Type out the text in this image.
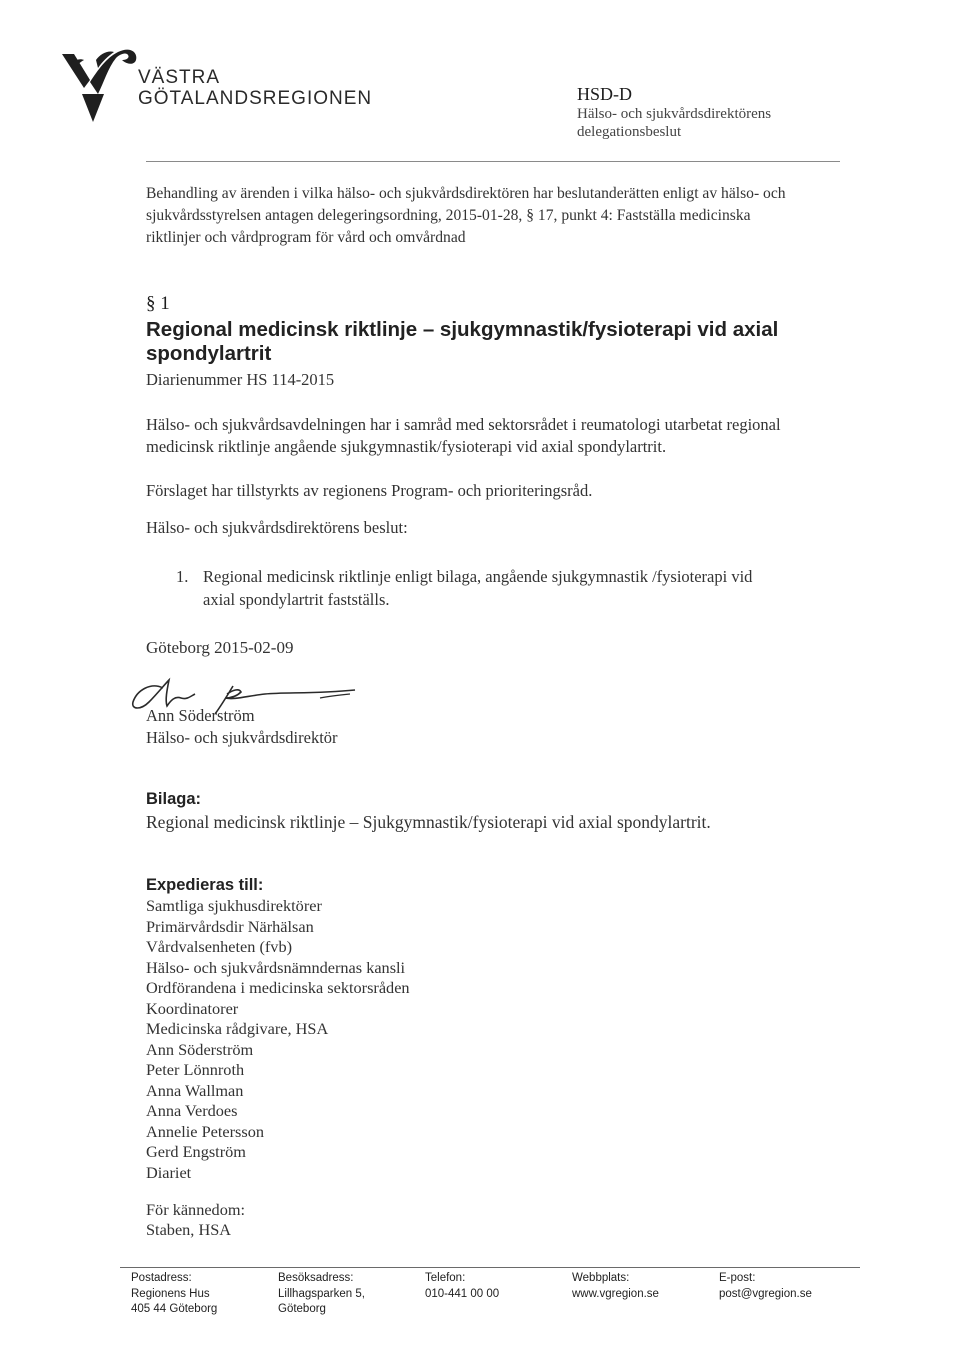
VÄSTRA
GÖTALANDSREGIONEN	HSD-D
Hälso- och sjukvårdsdirektörens
delegationsbeslut
Behandling av ärenden i vilka hälso- och sjukvårdsdirektören har beslutanderätten enligt av hälso- och sjukvårdsstyrelsen antagen delegeringsordning, 2015-01-28, § 17, punkt 4: Fastställa medicinska riktlinjer och vårdprogram för vård och omvårdnad
§ 1
Regional medicinsk riktlinje – sjukgymnastik/fysioterapi vid axial spondylartrit
Diarienummer HS 114-2015
Hälso- och sjukvårdsavdelningen har i samråd med sektorsrådet i reumatologi utarbetat regional medicinsk riktlinje angående sjukgymnastik/fysioterapi vid axial spondylartrit.
Förslaget har tillstyrkts av regionens Program- och prioriteringsråd.
Hälso- och sjukvårdsdirektörens beslut:
1. Regional medicinsk riktlinje enligt bilaga, angående sjukgymnastik /fysioterapi vid axial spondylartrit fastställs.
Göteborg 2015-02-09
Ann Söderström
Hälso- och sjukvårdsdirektör
Bilaga:
Regional medicinsk riktlinje – Sjukgymnastik/fysioterapi vid axial spondylartrit.
Expedieras till:
Samtliga sjukhusdirektörer
Primärvårdsdir Närhälsan
Vårdvalsenheten (fvb)
Hälso- och sjukvårdsnämndernas kansli
Ordförandena i medicinska sektorsråden
Koordinatorer
Medicinska rådgivare, HSA
Ann Söderström
Peter Lönnroth
Anna Wallman
Anna Verdoes
Annelie Petersson
Gerd Engström
Diariet
För kännedom:
Staben, HSA
Postadress:
Regionens Hus
405 44 Göteborg
Besöksadress:
Lillhagsparken 5,
Göteborg
Telefon:
010-441 00 00
Webbplats:
www.vgregion.se
E-post:
post@vgregion.se
